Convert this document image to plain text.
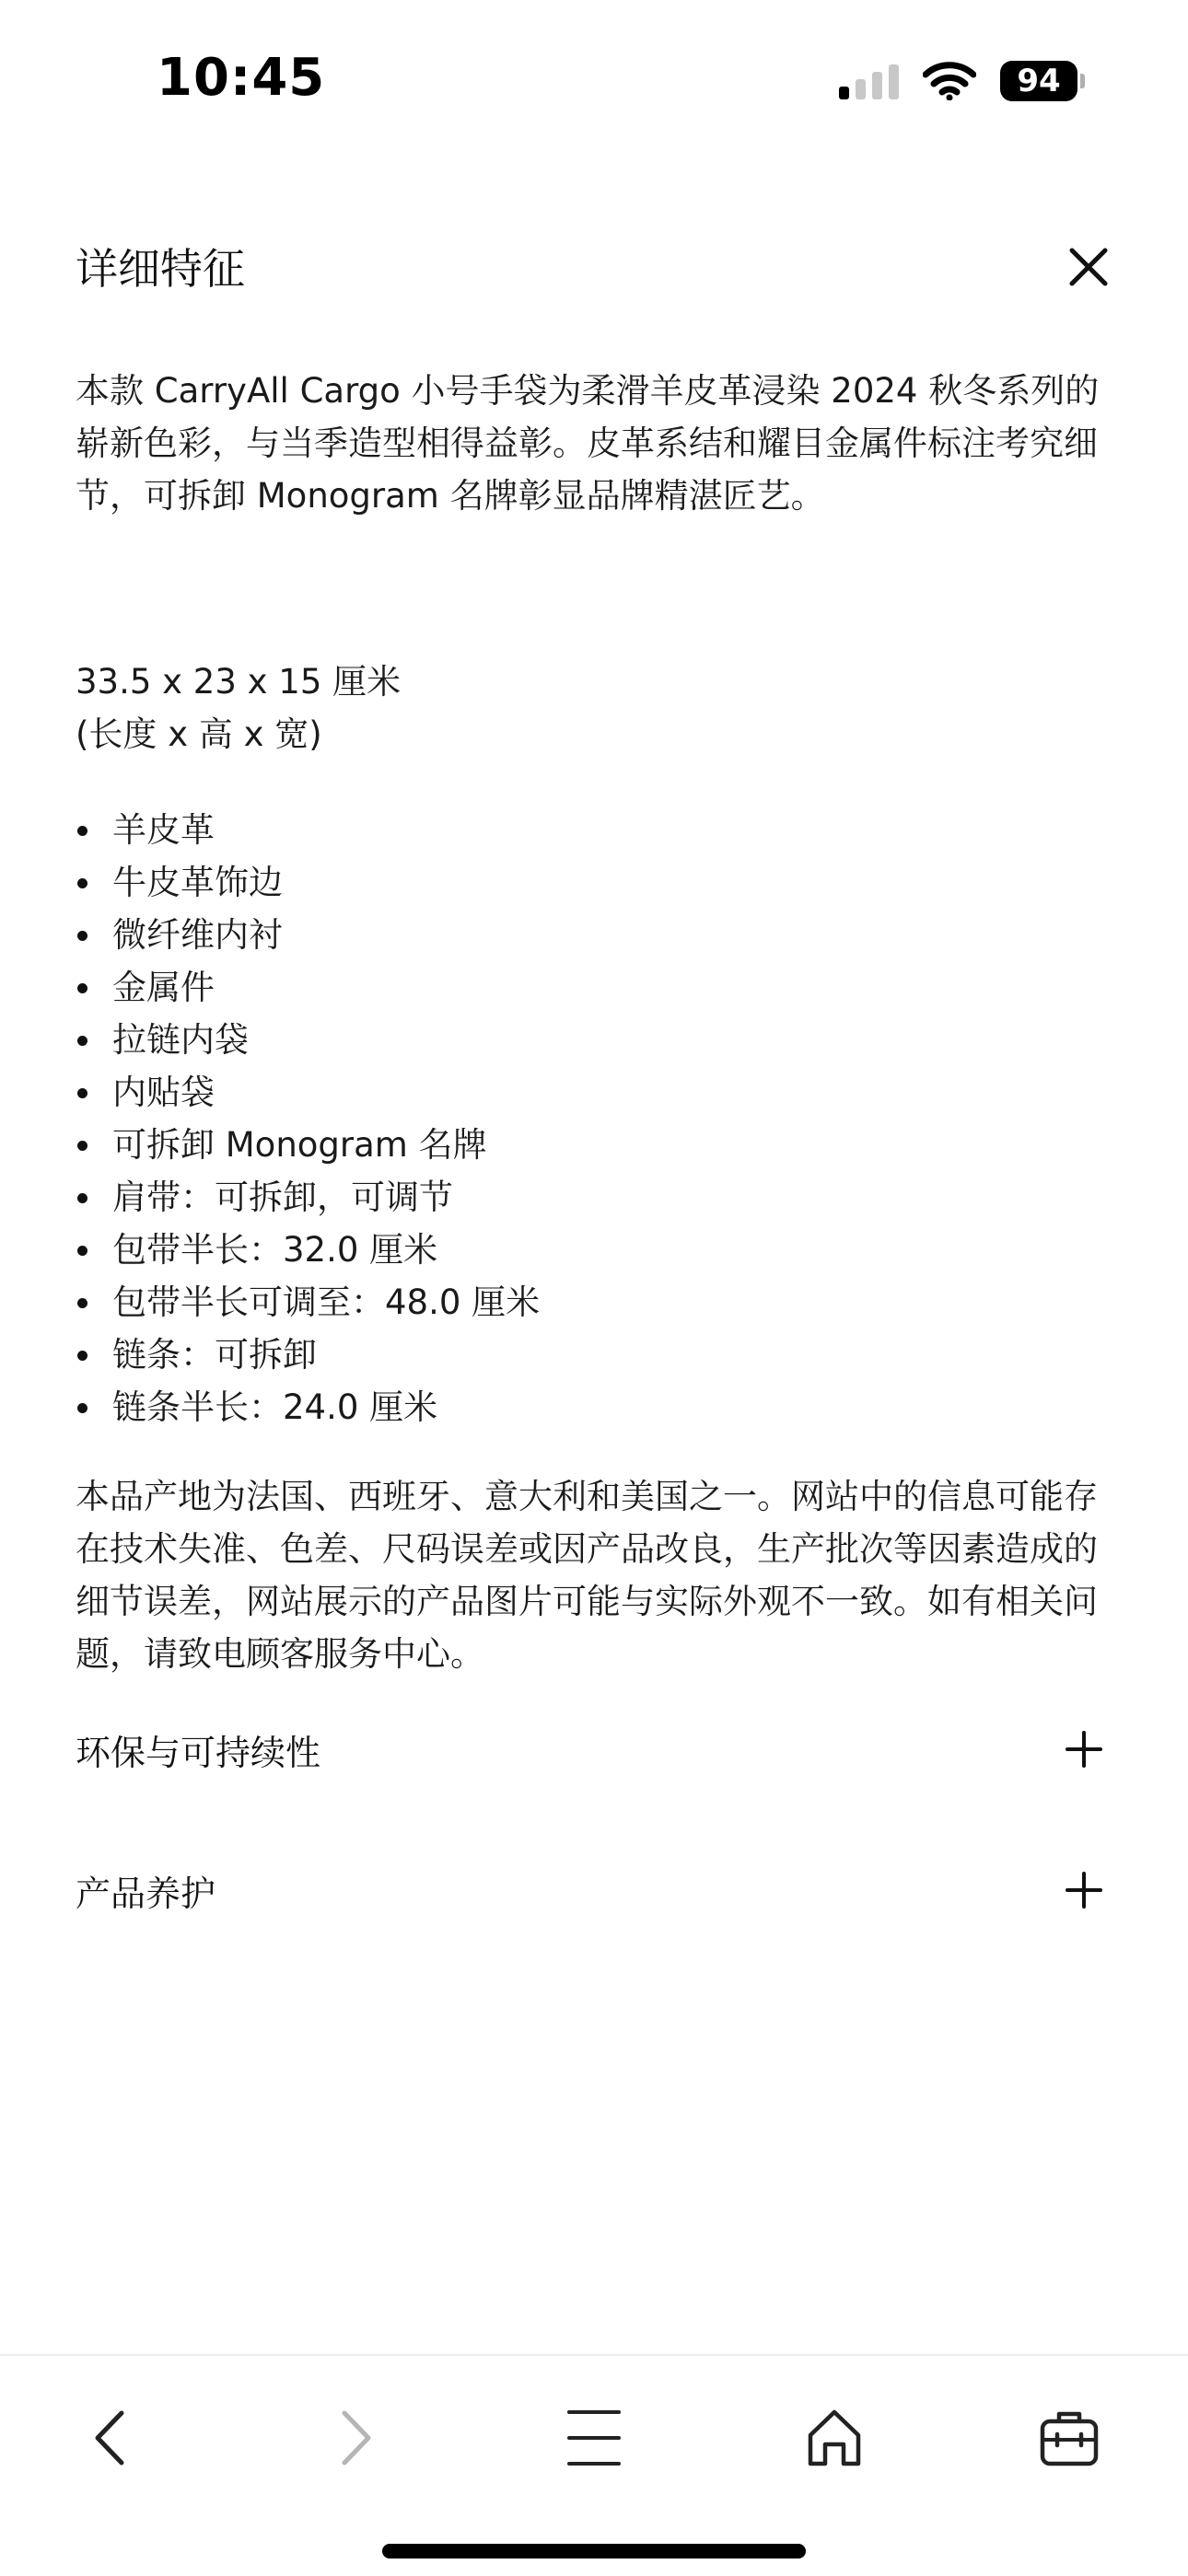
10:45	94
详细特征
本款 CarryAll Cargo 小号手袋为柔滑羊皮革浸染 2024 秋冬系列的崭新色彩，与当季造型相得益彰。皮革系结和耀目金属件标注考究细节，可拆卸 Monogram 名牌彰显品牌精湛匠艺。
33.5 x 23 x 15 厘米
(长度 x 高 x 宽)
羊皮革
牛皮革饰边
微纤维内衬
金属件
拉链内袋
内贴袋
可拆卸 Monogram 名牌
肩带：可拆卸，可调节
包带半长：32.0 厘米
包带半长可调至：48.0 厘米
链条：可拆卸
链条半长：24.0 厘米
本品产地为法国、西班牙、意大利和美国之一。网站中的信息可能存在技术失准、色差、尺码误差或因产品改良，生产批次等因素造成的细节误差，网站展示的产品图片可能与实际外观不一致。如有相关问题，请致电顾客服务中心。
环保与可持续性
产品养护
